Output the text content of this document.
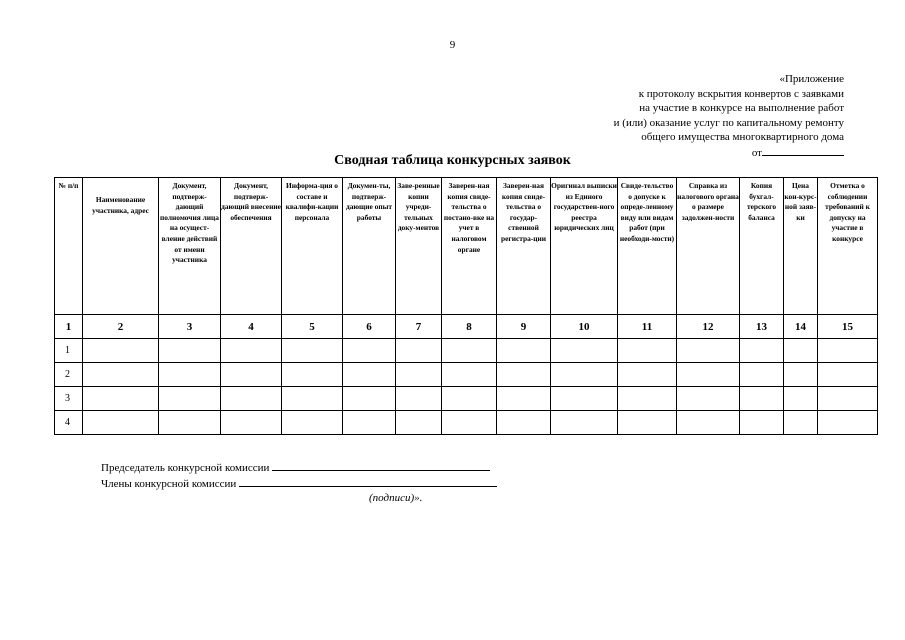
9
«Приложение
к протоколу вскрытия конвертов с заявками
на участие в конкурсе на выполнение работ
и (или) оказание услуг по капитальному ремонту
общего имущества многоквартирного дома
от
Сводная таблица конкурсных заявок
№ п/п	Наименование участника, адрес	Документ, подтверж-дающий полномочия лица на осущест-вление действий от имени участника	Документ, подтверж-дающий внесение обеспечения	Информа-ция о составе и квалифи-кации персонала	Докумен-ты, подтверж-дающие опыт работы	Заве-ренные копии учреди-тельных доку-ментов	Заверен-ная копия свиде-тельства о постано-вке на учет в налоговом органе	Заверен-ная копия свиде-тельства о государ-ственной регистра-ции	Оригинал выписки из Единого государствен-ного реестра юридических лиц	Свиде-тельство о допуске к опреде-ленному виду или видам работ (при необходи-мости)	Справка из налогового органа о размере задолжен-ности	Копия бухгал-терского баланса	Цена кон-курс-ной заяв-ки	Отметка о соблюдении требований к допуску на участие в конкурсе
1	2	3	4	5	6	7	8	9	10	11	12	13	14	15
1														
2														
3														
4														
Председатель конкурсной комиссии
Члены конкурсной комиссии
(подписи)».
